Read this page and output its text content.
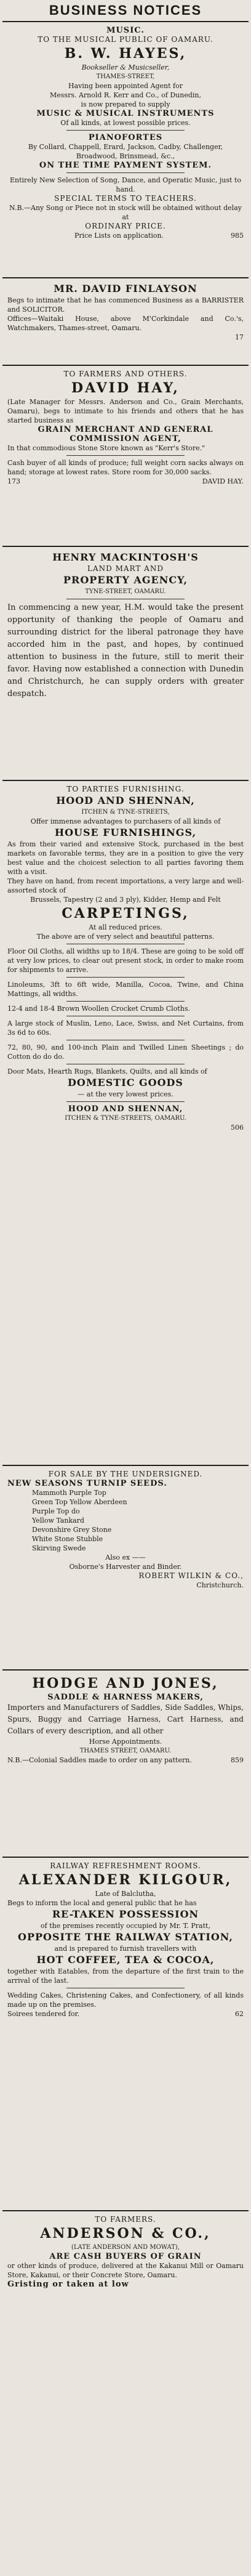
BUSINESS NOTICES

MUSIC.

TO THE MUSICAL PUBLIC OF OAMARU.

B. W. HAYES,

Bookseller & Musicseller,

THAMES-STREET,

Having been appointed Agent for

Messrs. Arnold R. Kerr and Co., of Dunedin,

is now prepared to supply

MUSIC & MUSICAL INSTRUMENTS

Of all kinds, at lowest possible prices.

PIANOFORTES

By Collard, Chappell, Erard, Jackson, Cadby, Challenger, Broadwood, Brinsmead, &c.,

ON THE TIME PAYMENT SYSTEM.

Entirely New Selection of Song, Dance, and Operatic Music, just to hand.

SPECIAL TERMS TO TEACHERS.

N.B.—Any Song or Piece not in stock will be obtained without delay at

ORDINARY PRICE.

Price Lists on application.	985

MR. DAVID FINLAYSON

Begs to intimate that he has commenced Business as a BARRISTER and SOLICITOR.

Offices—Waitaki House, above M'Corkindale and Co.'s, Watchmakers, Thames-street, Oamaru.

17

TO FARMERS AND OTHERS.

DAVID HAY,

(Late Manager for Messrs. Anderson and Co., Grain Merchants, Oamaru), begs to intimate to his friends and others that he has started business as

GRAIN MERCHANT AND GENERAL COMMISSION AGENT,

In that commodious Stone Store known as "Kerr's Store."

Cash buyer of all kinds of produce; full weight corn sacks always on hand; storage at lowest rates. Store room for 30,000 sacks.

173	DAVID HAY.

HENRY MACKINTOSH'S

LAND MART AND

PROPERTY AGENCY,

TYNE-STREET, OAMARU.

In commencing a new year, H.M. would take the present opportunity of thanking the people of Oamaru and surrounding district for the liberal patronage they have accorded him in the past, and hopes, by continued attention to business in the future, still to merit their favor. Having now established a connection with Dunedin and Christchurch, he can supply orders with greater despatch.

TO PARTIES FURNISHING.

HOOD AND SHENNAN,

ITCHEN & TYNE-STREETS,

Offer immense advantages to purchasers of all kinds of

HOUSE FURNISHINGS,

As from their varied and extensive Stock, purchased in the best markets on favorable terms, they are in a position to give the very best value and the choicest selection to all parties favoring them with a visit.

They have on hand, from recent importations, a very large and well-assorted stock of

Brussels, Tapestry (2 and 3 ply), Kidder, Hemp and Felt

CARPETINGS,

At all reduced prices.

The above are of very select and beautiful patterns.

Floor Oil Cloths, all widths up to 18/4. These are going to be sold off at very low prices, to clear out present stock, in order to make room for shipments to arrive.

Linoleums, 3ft to 6ft wide, Manilla, Cocoa, Twine, and China Mattings, all widths.

12-4 and 18-4 Brown Woollen Crocket Crumb Cloths.

A large stock of Muslin, Leno, Lace, Swiss, and Net Curtains, from 3s 6d to 60s.

72, 80, 90, and 100-inch Plain and Twilled Linen Sheetings ; do Cotton do do do.

Door Mats, Hearth Rugs, Blankets, Quilts, and all kinds of

DOMESTIC GOODS

— at the very lowest prices.

HOOD AND SHENNAN,

ITCHEN & TYNE-STREETS, OAMARU.

506

FOR SALE BY THE UNDERSIGNED.

NEW SEASONS TURNIP SEEDS.

Mammoth Purple Top

Green Top Yellow Aberdeen

Purple Top do

Yellow Tankard

Devonshire Grey Stone

White Stone Stubble

Skirving Swede

Also ex ——

Osborne's Harvester and Binder.

ROBERT WILKIN & CO.,

Christchurch.

HODGE AND JONES,

SADDLE & HARNESS MAKERS,

Importers and Manufacturers of Saddles, Side Saddles, Whips, Spurs, Buggy and Carriage Harness, Cart Harness, and Collars of every description, and all other

Horse Appointments.

THAMES STREET, OAMARU.

N.B.—Colonial Saddles made to order on any pattern.	859

RAILWAY REFRESHMENT ROOMS.

ALEXANDER KILGOUR,

Late of Balclutha,

Begs to inform the local and general public that he has

RE-TAKEN POSSESSION

of the premises recently occupied by Mr. T. Pratt,

OPPOSITE THE RAILWAY STATION,

and is prepared to furnish travellers with

HOT COFFEE, TEA & COCOA,

together with Eatables, from the departure of the first train to the arrival of the last.

Wedding Cakes, Christening Cakes, and Confectionery, of all kinds made up on the premises.

Soirees tendered for.	62

TO FARMERS.

ANDERSON & CO.,

(LATE ANDERSON AND MOWAT),

ARE CASH BUYERS OF GRAIN

or other kinds of produce, delivered at the Kakanui Mill or Oamaru Store, Kakanui, or their Concrete Store, Oamaru.

Gristing or taken at low
